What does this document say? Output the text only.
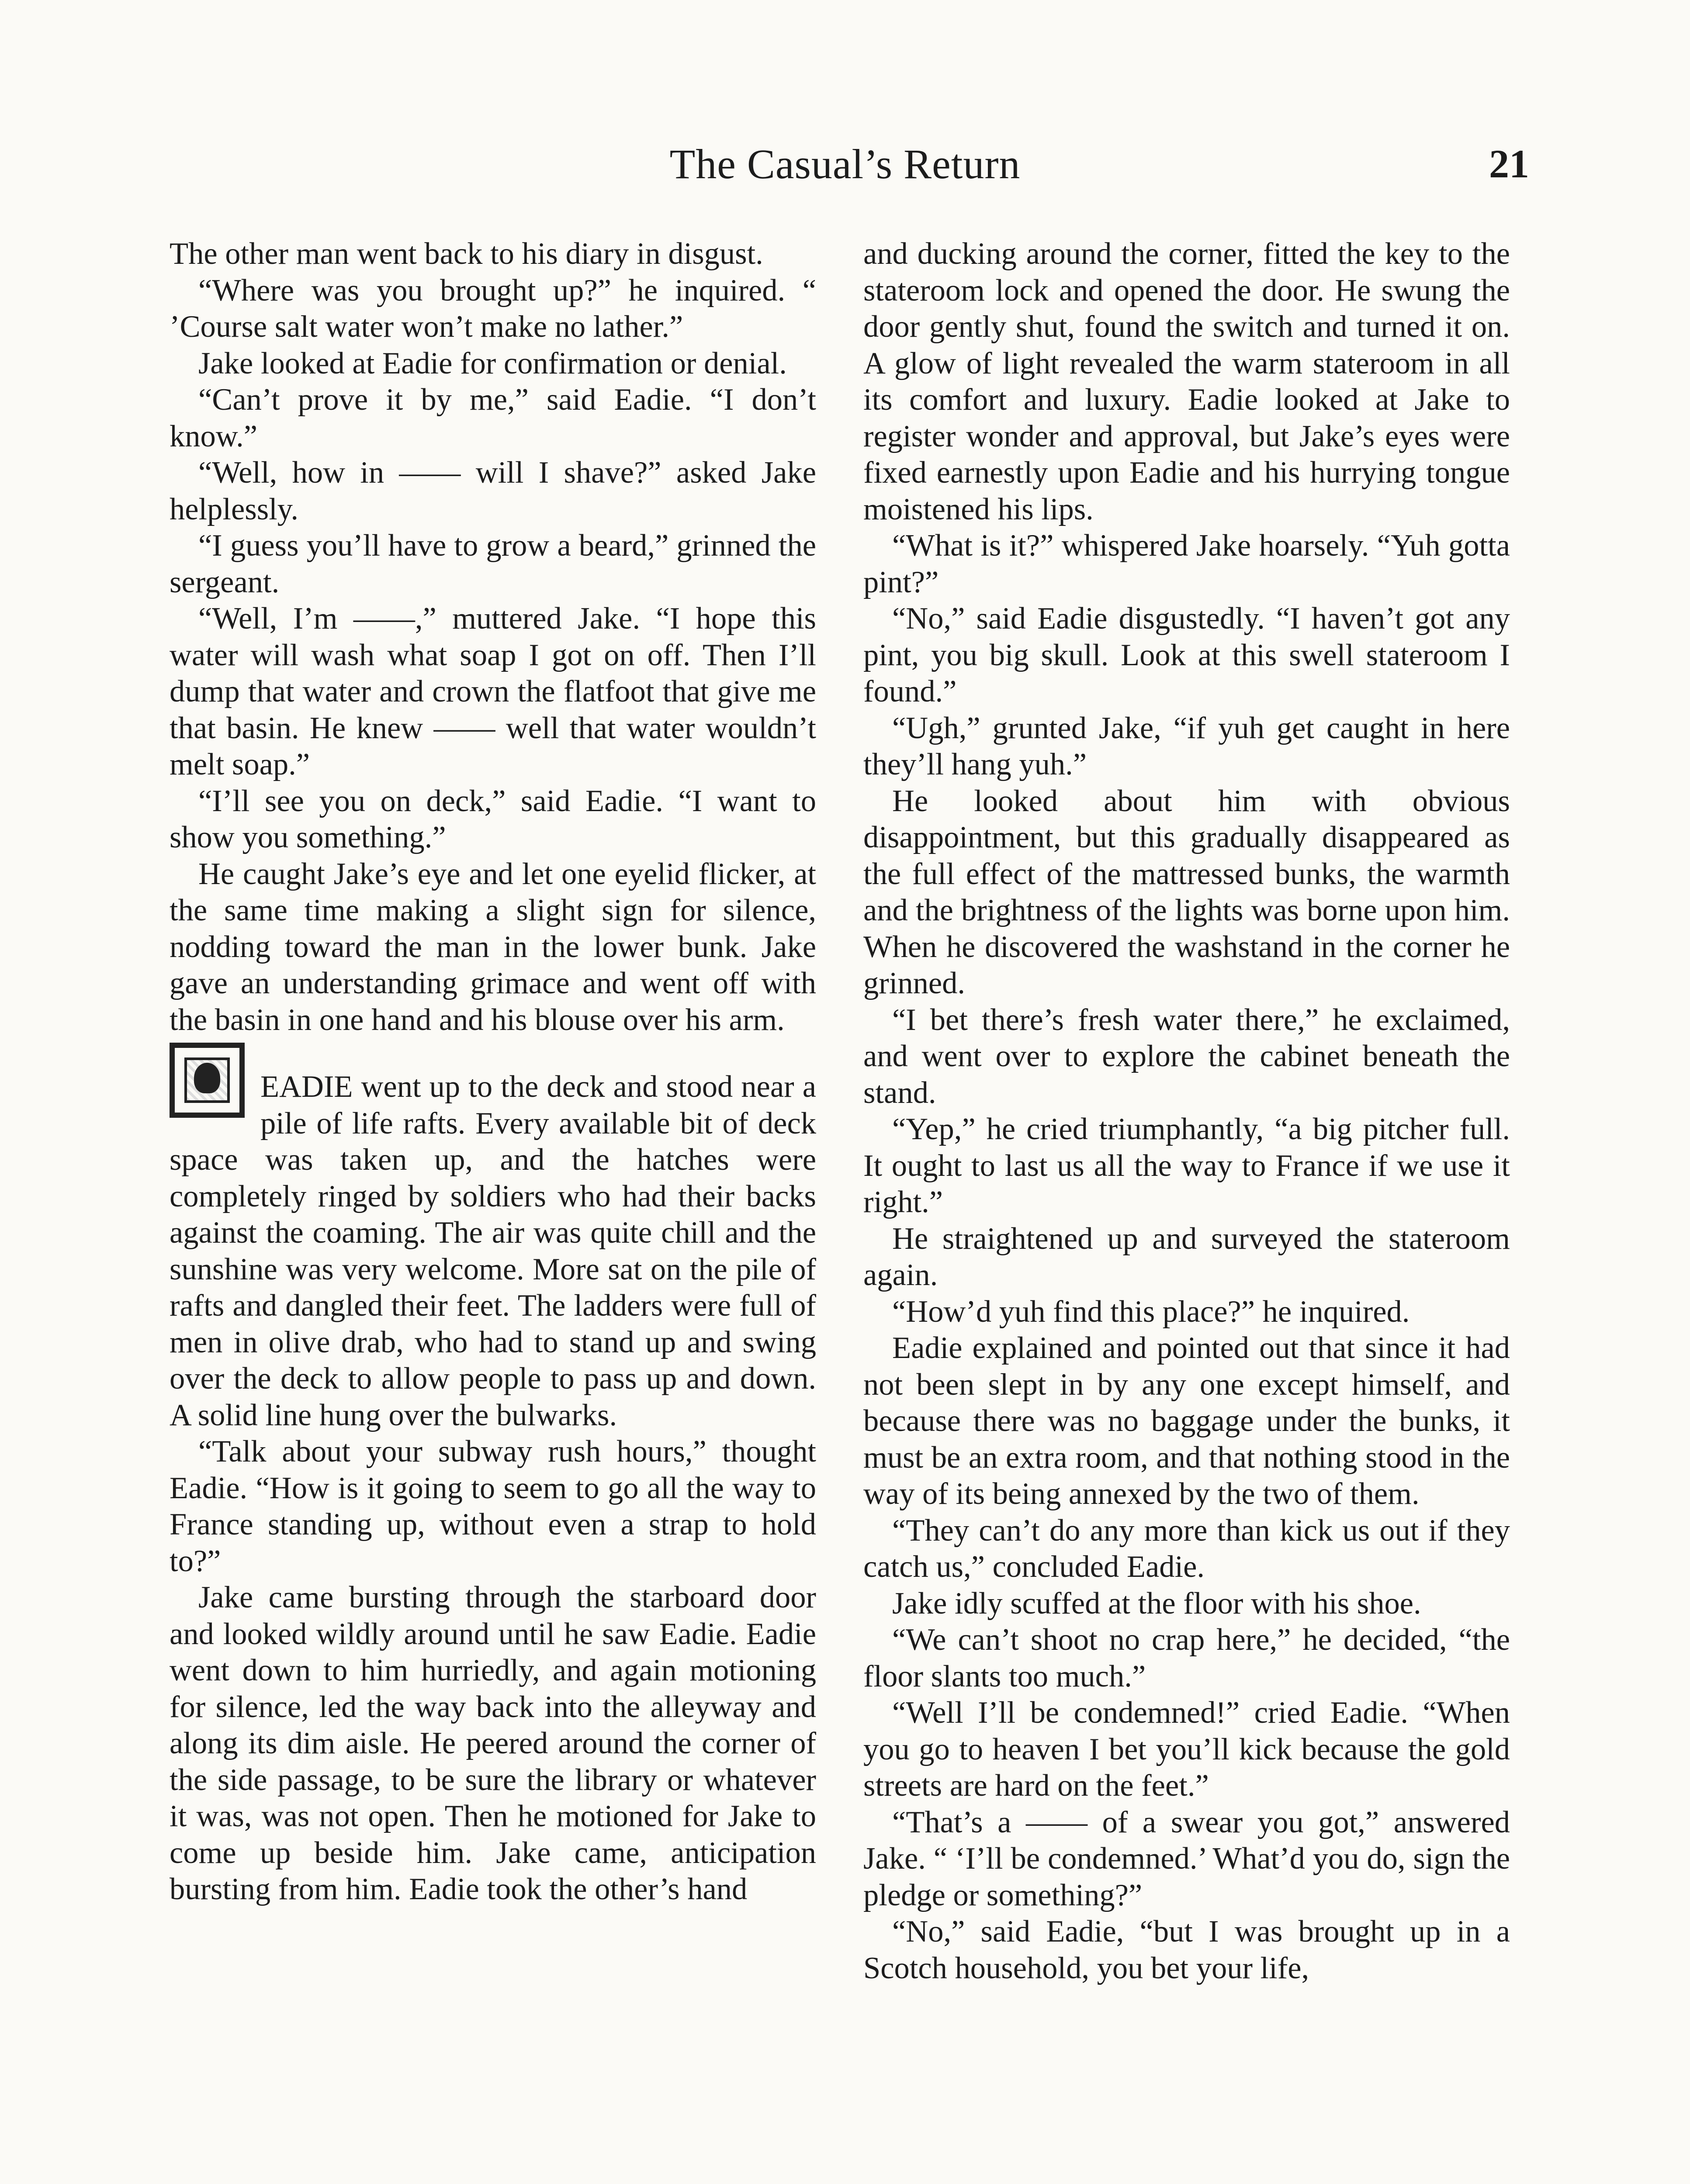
The Casual’s Return	21

The other man went back to his diary in disgust.

“Where was you brought up?” he inquired. “ ’Course salt water won’t make no lather.”

Jake looked at Eadie for confirmation or denial.

“Can’t prove it by me,” said Eadie. “I don’t know.”

“Well, how in —— will I shave?” asked Jake helplessly.

“I guess you’ll have to grow a beard,” grinned the sergeant.

“Well, I’m ——,” muttered Jake. “I hope this water will wash what soap I got on off. Then I’ll dump that water and crown the flatfoot that give me that basin. He knew —— well that water wouldn’t melt soap.”

“I’ll see you on deck,” said Eadie. “I want to show you something.”

He caught Jake’s eye and let one eyelid flicker, at the same time making a slight sign for silence, nodding toward the man in the lower bunk. Jake gave an understanding grimace and went off with the basin in one hand and his blouse over his arm.

EADIE went up to the deck and stood near a pile of life rafts. Every available bit of deck space was taken up, and the hatches were completely ringed by soldiers who had their backs against the coaming. The air was quite chill and the sunshine was very welcome. More sat on the pile of rafts and dangled their feet. The ladders were full of men in olive drab, who had to stand up and swing over the deck to allow people to pass up and down. A solid line hung over the bulwarks.

“Talk about your subway rush hours,” thought Eadie. “How is it going to seem to go all the way to France standing up, without even a strap to hold to?”

Jake came bursting through the starboard door and looked wildly around until he saw Eadie. Eadie went down to him hurriedly, and again motioning for silence, led the way back into the alleyway and along its dim aisle. He peered around the corner of the side passage, to be sure the library or whatever it was, was not open. Then he motioned for Jake to come up beside him. Jake came, anticipation bursting from him. Eadie took the other’s hand

and ducking around the corner, fitted the key to the stateroom lock and opened the door. He swung the door gently shut, found the switch and turned it on. A glow of light revealed the warm stateroom in all its comfort and luxury. Eadie looked at Jake to register wonder and approval, but Jake’s eyes were fixed earnestly upon Eadie and his hurrying tongue moistened his lips.

“What is it?” whispered Jake hoarsely. “Yuh gotta pint?”

“No,” said Eadie disgustedly. “I haven’t got any pint, you big skull. Look at this swell stateroom I found.”

“Ugh,” grunted Jake, “if yuh get caught in here they’ll hang yuh.”

He looked about him with obvious disappointment, but this gradually disappeared as the full effect of the mattressed bunks, the warmth and the brightness of the lights was borne upon him. When he discovered the washstand in the corner he grinned.

“I bet there’s fresh water there,” he exclaimed, and went over to explore the cabinet beneath the stand.

“Yep,” he cried triumphantly, “a big pitcher full. It ought to last us all the way to France if we use it right.”

He straightened up and surveyed the stateroom again.

“How’d yuh find this place?” he inquired.

Eadie explained and pointed out that since it had not been slept in by any one except himself, and because there was no baggage under the bunks, it must be an extra room, and that nothing stood in the way of its being annexed by the two of them.

“They can’t do any more than kick us out if they catch us,” concluded Eadie.

Jake idly scuffed at the floor with his shoe.

“We can’t shoot no crap here,” he decided, “the floor slants too much.”

“Well I’ll be condemned!” cried Eadie. “When you go to heaven I bet you’ll kick because the gold streets are hard on the feet.”

“That’s a —— of a swear you got,” answered Jake. “ ‘I’ll be condemned.’ What’d you do, sign the pledge or something?”

“No,” said Eadie, “but I was brought up in a Scotch household, you bet your life,
